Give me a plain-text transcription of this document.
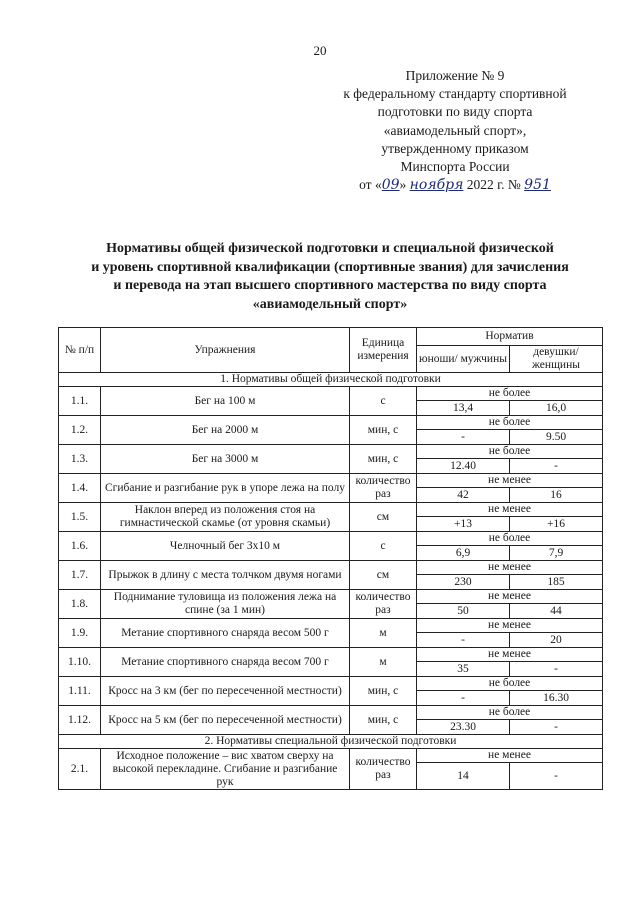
20
Приложение № 9
к федеральному стандарту спортивной
подготовки по виду спорта
«авиамодельный спорт»,
утвержденному приказом
Минспорта России
от «09» ноября 2022 г. № 951
Нормативы общей физической подготовки и специальной физической
и уровень спортивной квалификации (спортивные звания) для зачисления
и перевода на этап высшего спортивного мастерства по виду спорта
«авиамодельный спорт»
№ п/п	Упражнения	Единица измерения	Норматив	
			юноши/ мужчины	девушки/ женщины
1. Нормативы общей физической подготовки				
1.1.	Бег на 100 м	с	не более	
			13,4	16,0
1.2.	Бег на 2000 м	мин, с	не более	
			-	9.50
1.3.	Бег на 3000 м	мин, с	не более	
			12.40	-
1.4.	Сгибание и разгибание рук в упоре лежа на полу	количество раз	не менее	
			42	16
1.5.	Наклон вперед из положения стоя на гимнастической скамье (от уровня скамьи)	см	не менее	
			+13	+16
1.6.	Челночный бег 3х10 м	с	не более	
			6,9	7,9
1.7.	Прыжок в длину с места толчком двумя ногами	см	не менее	
			230	185
1.8.	Поднимание туловища из положения лежа на спине (за 1 мин)	количество раз	не менее	
			50	44
1.9.	Метание спортивного снаряда весом 500 г	м	не менее	
			-	20
1.10.	Метание спортивного снаряда весом 700 г	м	не менее	
			35	-
1.11.	Кросс на 3 км (бег по пересеченной местности)	мин, с	не более	
			-	16.30
1.12.	Кросс на 5 км (бег по пересеченной местности)	мин, с	не более	
			23.30	-
2. Нормативы специальной физической подготовки				
2.1.	Исходное положение – вис хватом сверху на высокой перекладине. Сгибание и разгибание рук	количество раз	не менее	
			14	-
